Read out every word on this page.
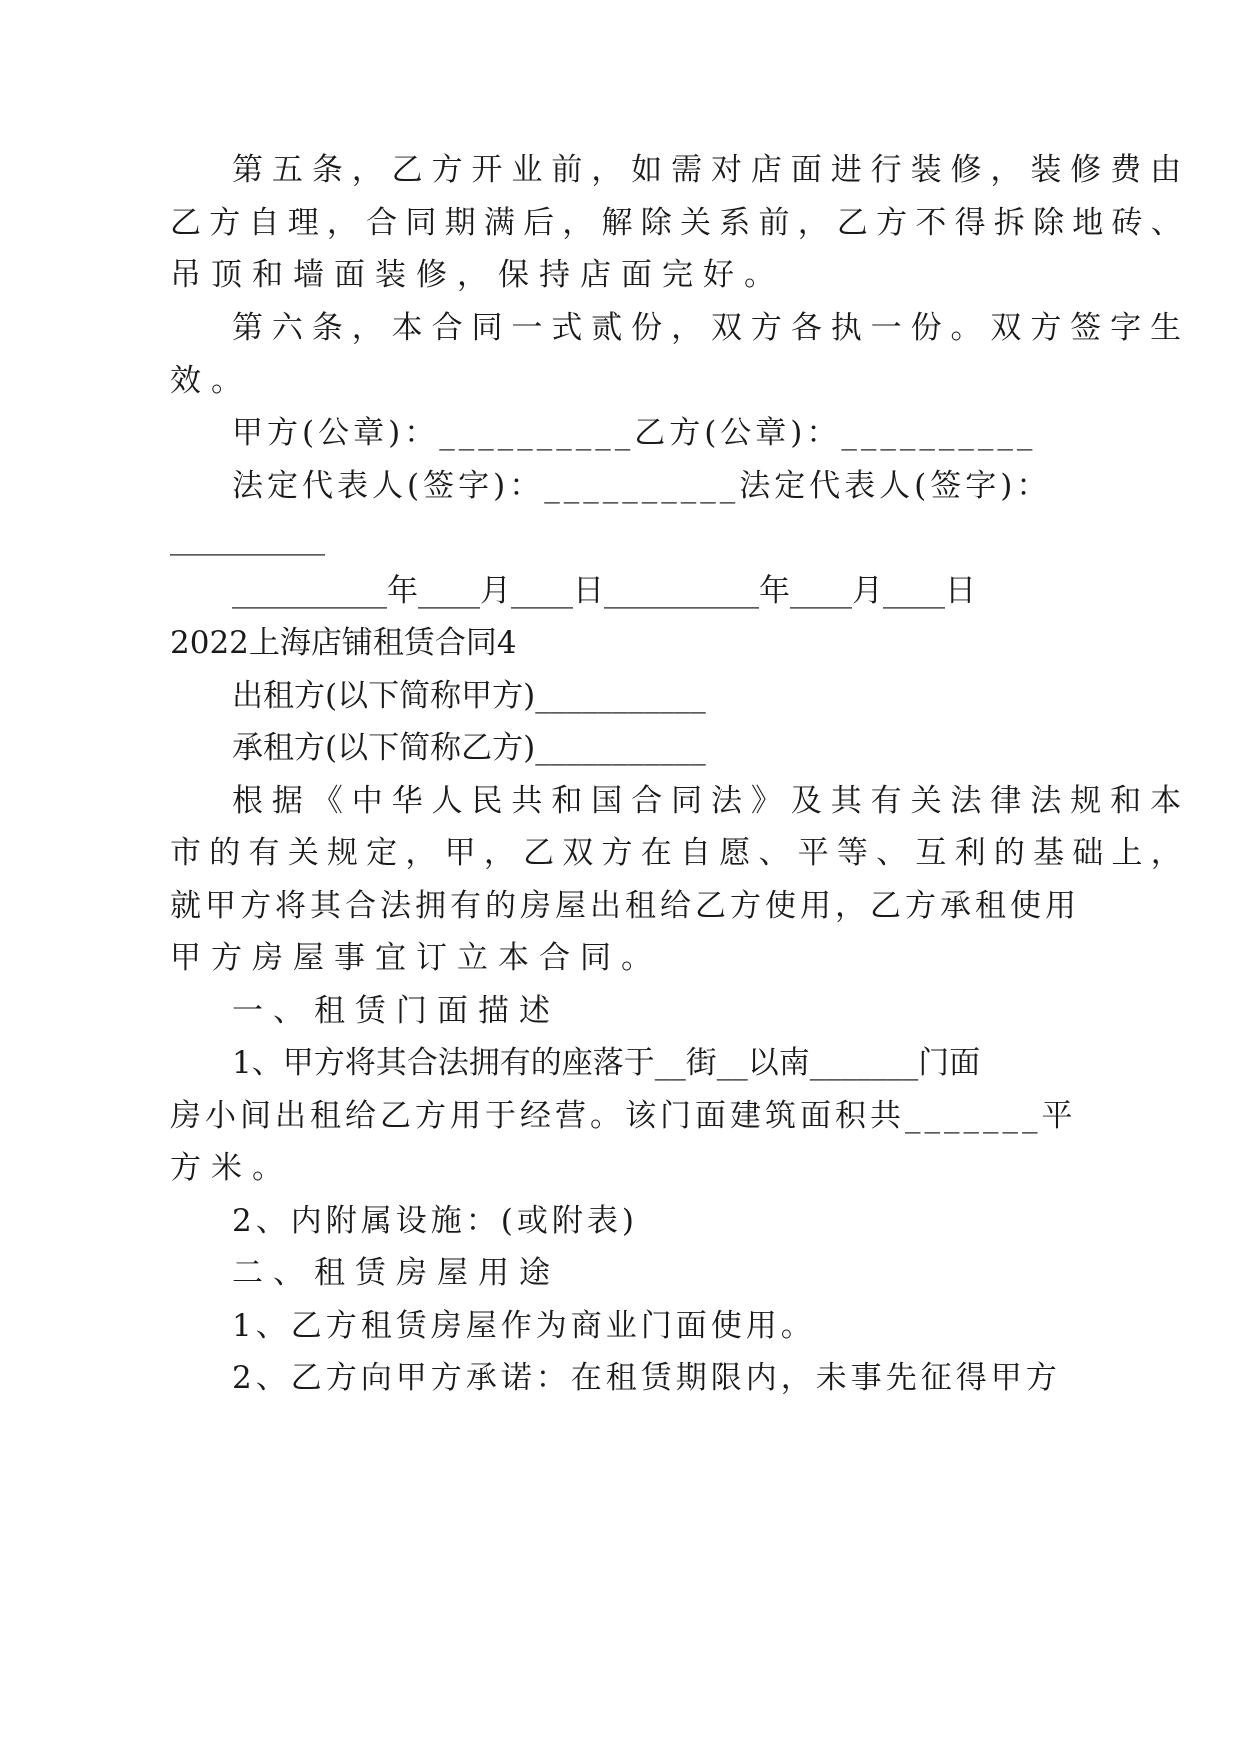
第五条，乙方开业前，如需对店面进行装修，装修费由
乙方自理，合同期满后，解除关系前，乙方不得拆除地砖、
吊顶和墙面装修，保持店面完好。
第六条，本合同一式贰份，双方各执一份。双方签字生
效。
甲方(公章)：__________乙方(公章)：__________
法定代表人(签字)：__________法定代表人(签字)：
__________
__________年____月____日__________年____月____日
2022上海店铺租赁合同4
出租方(以下简称甲方)___________
承租方(以下简称乙方)___________
根据《中华人民共和国合同法》及其有关法律法规和本
市的有关规定，甲，乙双方在自愿、平等、互利的基础上，
就甲方将其合法拥有的房屋出租给乙方使用，乙方承租使用
甲方房屋事宜订立本合同。
一、租赁门面描述
1、甲方将其合法拥有的座落于__街__以南_______门面
房小间出租给乙方用于经营。该门面建筑面积共_______平
方米。
2、内附属设施：(或附表)
二、租赁房屋用途
1、乙方租赁房屋作为商业门面使用。
2、乙方向甲方承诺：在租赁期限内，未事先征得甲方
